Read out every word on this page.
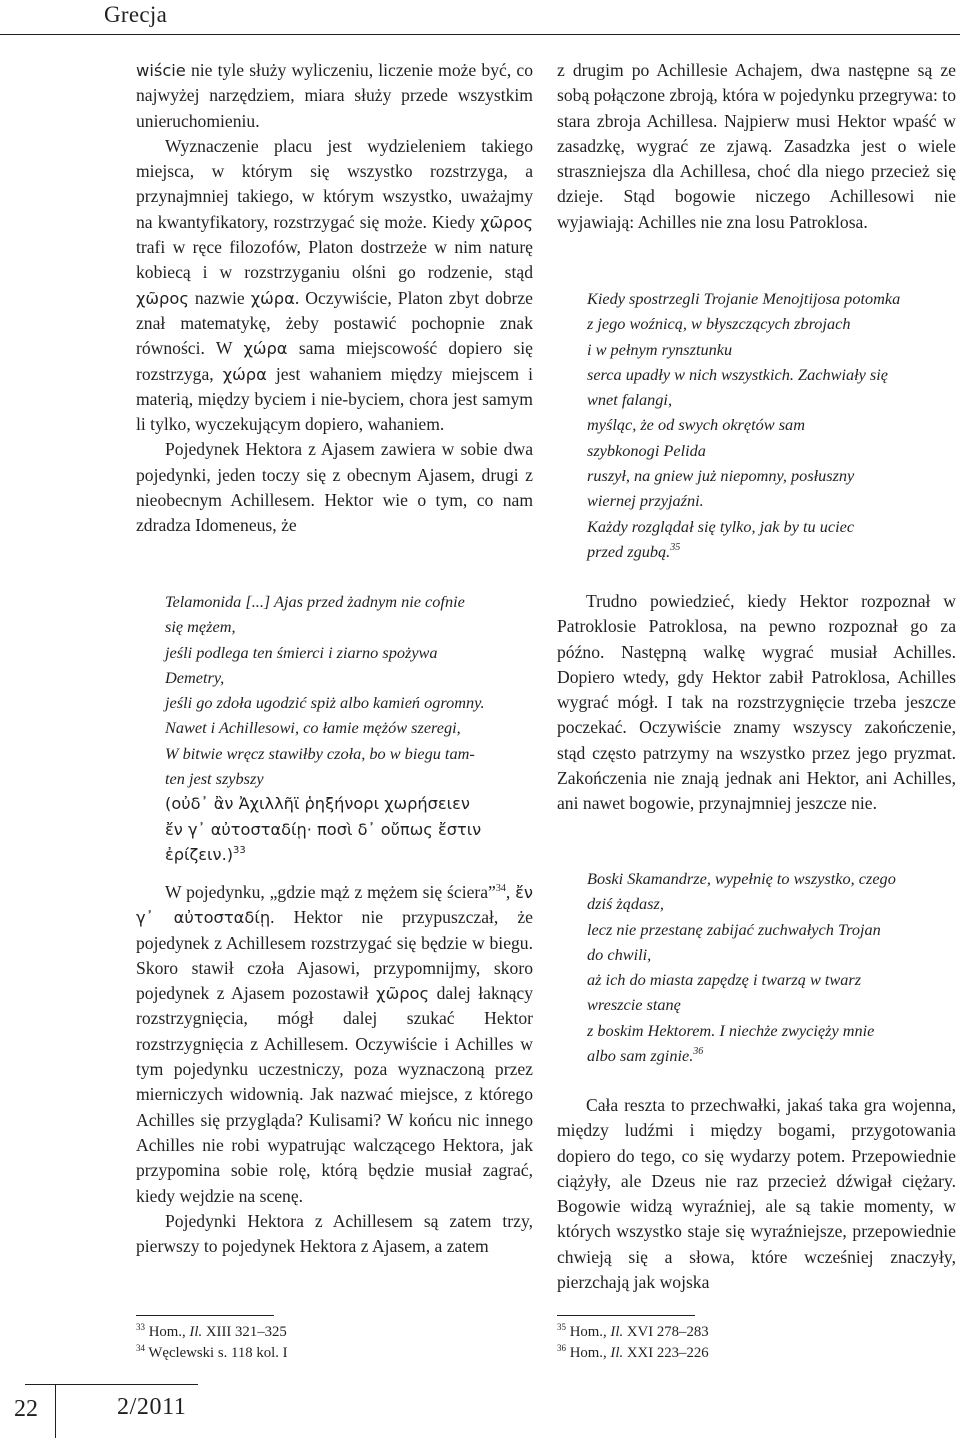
Grecja

wiście nie tyle służy wyliczeniu, liczenie może być, co najwyżej narzędziem, miara służy przede wszystkim unieruchomieniu.

Wyznaczenie placu jest wydzieleniem takiego miejsca, w którym się wszystko rozstrzyga, a przynajmniej takiego, w którym wszystko, uważajmy na kwantyfikatory, rozstrzygać się może. Kiedy χῶρος trafi w ręce filozofów, Platon dostrzeże w nim naturę kobiecą i w rozstrzyganiu olśni go rodzenie, stąd χῶρος nazwie χώρα. Oczywiście, Platon zbyt dobrze znał matematykę, żeby postawić pochopnie znak równości. W χώρα sama miejscowość dopiero się rozstrzyga, χώρα jest wahaniem między miejscem i materią, między byciem i nie-byciem, chora jest samym li tylko, wyczekującym dopiero, wahaniem.

Pojedynek Hektora z Ajasem zawiera w sobie dwa pojedynki, jeden toczy się z obecnym Ajasem, drugi z nieobecnym Achillesem. Hektor wie o tym, co nam zdradza Idomeneus, że

Telamonida [...] Ajas przed żadnym nie cofnie
się mężem,
jeśli podlega ten śmierci i ziarno spożywa
Demetry,
jeśli go zdoła ugodzić spiż albo kamień ogromny.
Nawet i Achillesowi, co łamie mężów szeregi,
W bitwie wręcz stawiłby czoła, bo w biegu tam-
ten jest szybszy
(οὐδ᾽ ἂν Ἀχιλλῆϊ ῥηξήνορι χωρήσειεν
ἔν γ᾽ αὐτοσταδίῃ· ποσὶ δ᾽ οὔπως ἔστιν
ἐρίζειν.)$^{33}$

W pojedynku, „gdzie mąż z mężem się ściera”$^{34}$, ἔν γ᾽ αὐτοσταδίῃ. Hektor nie przypuszczał, że pojedynek z Achillesem rozstrzygać się będzie w biegu. Skoro stawił czoła Ajasowi, przypomnijmy, skoro pojedynek z Ajasem pozostawił χῶρος dalej łaknący rozstrzygnięcia, mógł dalej szukać Hektor rozstrzygnięcia z Achillesem. Oczywiście i Achilles w tym pojedynku uczestniczy, poza wyznaczoną przez mierniczych widownią. Jak nazwać miejsce, z którego Achilles się przygląda? Kulisami? W końcu nic innego Achilles nie robi wypatrując walczącego Hektora, jak przypomina sobie rolę, którą będzie musiał zagrać, kiedy wejdzie na scenę.

Pojedynki Hektora z Achillesem są zatem trzy, pierwszy to pojedynek Hektora z Ajasem, a zatem

$^{33}$ Hom., Il. XIII 321–325
$^{34}$ Węclewski s. 118 kol. I

z drugim po Achillesie Achajem, dwa następne są ze sobą połączone zbroją, która w pojedynku przegrywa: to stara zbroja Achillesa. Najpierw musi Hektor wpaść w zasadzkę, wygrać ze zjawą. Zasadzka jest o wiele straszniejsza dla Achillesa, choć dla niego przecież się dzieje. Stąd bogowie niczego Achillesowi nie wyjawiają: Achilles nie zna losu Patroklosa.

Kiedy spostrzegli Trojanie Menojtijosa potomka
z jego woźnicą, w błyszczących zbrojach
i w pełnym rynsztunku
serca upadły w nich wszystkich. Zachwiały się
wnet falangi,
myśląc, że od swych okrętów sam
szybkonogi Pelida
ruszył, na gniew już niepomny, posłuszny
wiernej przyjaźni.
Każdy rozglądał się tylko, jak by tu uciec
przed zgubą.$^{35}$

Trudno powiedzieć, kiedy Hektor rozpoznał w Patroklosie Patroklosa, na pewno rozpoznał go za późno. Następną walkę wygrać musiał Achilles. Dopiero wtedy, gdy Hektor zabił Patroklosa, Achilles wygrać mógł. I tak na rozstrzygnięcie trzeba jeszcze poczekać. Oczywiście znamy wszyscy zakończenie, stąd często patrzymy na wszystko przez jego pryzmat. Zakończenia nie znają jednak ani Hektor, ani Achilles, ani nawet bogowie, przynajmniej jeszcze nie.

Boski Skamandrze, wypełnię to wszystko, czego
dziś żądasz,
lecz nie przestanę zabijać zuchwałych Trojan
do chwili,
aż ich do miasta zapędzę i twarzą w twarz
wreszcie stanę
z boskim Hektorem. I niechże zwycięży mnie
albo sam zginie.$^{36}$

Cała reszta to przechwałki, jakaś taka gra wojenna, między ludźmi i między bogami, przygotowania dopiero do tego, co się wydarzy potem. Przepowiednie ciążyły, ale Dzeus nie raz przecież dźwigał ciężary. Bogowie widzą wyraźniej, ale są takie momenty, w których wszystko staje się wyraźniejsze, przepowiednie chwieją się a słowa, które wcześniej znaczyły, pierzchają jak wojska

$^{35}$ Hom., Il. XVI 278–283
$^{36}$ Hom., Il. XXI 223–226
22	2/2011
